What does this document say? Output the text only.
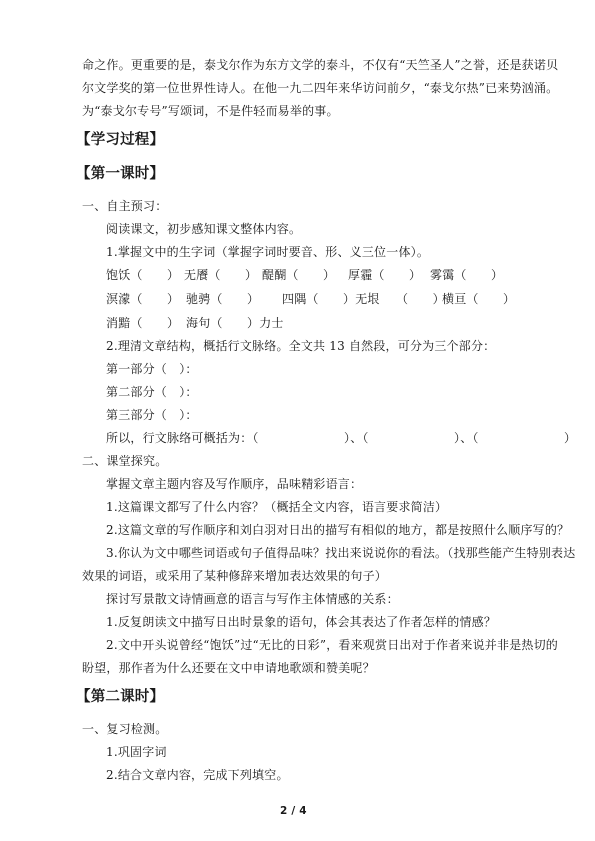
命之作。更重要的是，泰戈尔作为东方文学的泰斗，不仅有“天竺圣人”之誉，还是获诺贝
尔文学奖的第一位世界性诗人。在他一九二四年来华访问前夕，“泰戈尔热”已来势汹涌。
为“泰戈尔专号”写颂词，不是件轻而易举的事。
【学习过程】
【第一课时】
一、自主预习：
阅读课文，初步感知课文整体内容。
1.掌握文中的生字词（掌握字词时要音、形、义三位一体）。
饱饫（　　） 无餍（　　） 醍醐（　　） 厚霾（　　） 雾霭（　　）
溟濛（　　） 驰骋（　　） 四隅（　　）无垠 （　　）
横亘（　　）
消黯（　　） 海句（　　）力士
2.理清文章结构，概括行文脉络。全文共 13 自然段，可分为三个部分：
第一部分（　）：
第二部分（　）：
第三部分（　）：
所以，行文脉络可概括为：（　　　　　　　）、（　　　　　　　）、（　　　　　　　）
二、课堂探究。
掌握文章主题内容及写作顺序，品味精彩语言：
1.这篇课文都写了什么内容？（概括全文内容，语言要求简洁）
2.这篇文章的写作顺序和刘白羽对日出的描写有相似的地方，都是按照什么顺序写的？
3.你认为文中哪些词语或句子值得品味？找出来说说你的看法。（找那些能产生特别表达
效果的词语，或采用了某种修辞来增加表达效果的句子）
探讨写景散文诗情画意的语言与写作主体情感的关系：
1.反复朗读文中描写日出时景象的语句，体会其表达了作者怎样的情感？
2.文中开头说曾经“饱饫”过“无比的日彩”，看来观赏日出对于作者来说并非是热切的
盼望，那作者为什么还要在文中申请地歌颂和赞美呢？
【第二课时】
一、复习检测。
1.巩固字词
2.结合文章内容，完成下列填空。
2 / 4
